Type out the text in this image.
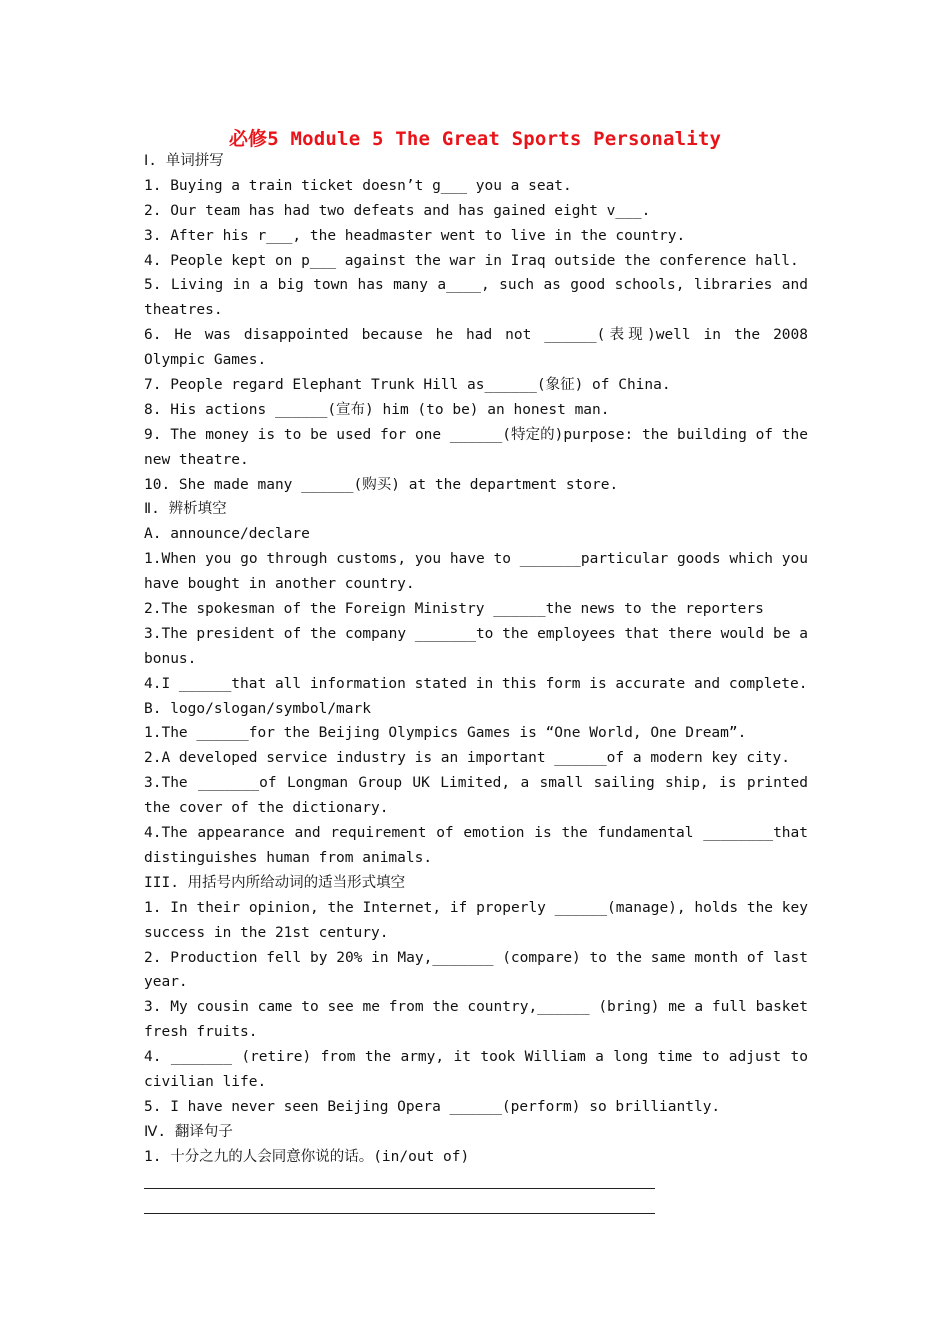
必修5 Module 5 The Great Sports Personality
Ⅰ. 单词拼写
1. Buying a train ticket doesn’t g___ you a seat.
2. Our team has had two defeats and has gained eight v___.
3. After his r___, the headmaster went to live in the country.
4. People kept on p___ against the war in Iraq outside the conference hall.
5. Living in a big town has many a____, such as good schools, libraries and
theatres.
6. He was disappointed because he had not ______(表现)well in the 2008
Olympic Games.
7. People regard Elephant Trunk Hill as______(象征) of China.
8. His actions ______(宣布) him (to be) an honest man.
9. The money is to be used for one ______(特定的)purpose: the building of the
new theatre.
10. She made many ______(购买) at the department store.
Ⅱ. 辨析填空
A. announce/declare
1.When you go through customs, you have to _______particular goods which you
have bought in another country.
2.The spokesman of the Foreign Ministry ______the news to the reporters
3.The president of the company _______to the employees that there would be a
bonus.
4.I ______that all information stated in this form is accurate and complete.
B. logo/slogan/symbol/mark
1.The ______for the Beijing Olympics Games is “One World, One Dream”.
2.A developed service industry is an important ______of a modern key city.
3.The _______of Longman Group UK Limited, a small sailing ship, is printed
the cover of the dictionary.
4.The appearance and requirement of emotion is the fundamental ________that
distinguishes human from animals.
III. 用括号内所给动词的适当形式填空
1. In their opinion, the Internet, if properly ______(manage), holds the key
success in the 21st century.
2. Production fell by 20% in May,_______ (compare) to the same month of last
year.
3. My cousin came to see me from the country,______ (bring) me a full basket
fresh fruits.
4. _______ (retire) from the army, it took William a long time to adjust to
civilian life.
5. I have never seen Beijing Opera ______(perform) so brilliantly.
Ⅳ. 翻译句子
1. 十分之九的人会同意你说的话。(in/out of)
